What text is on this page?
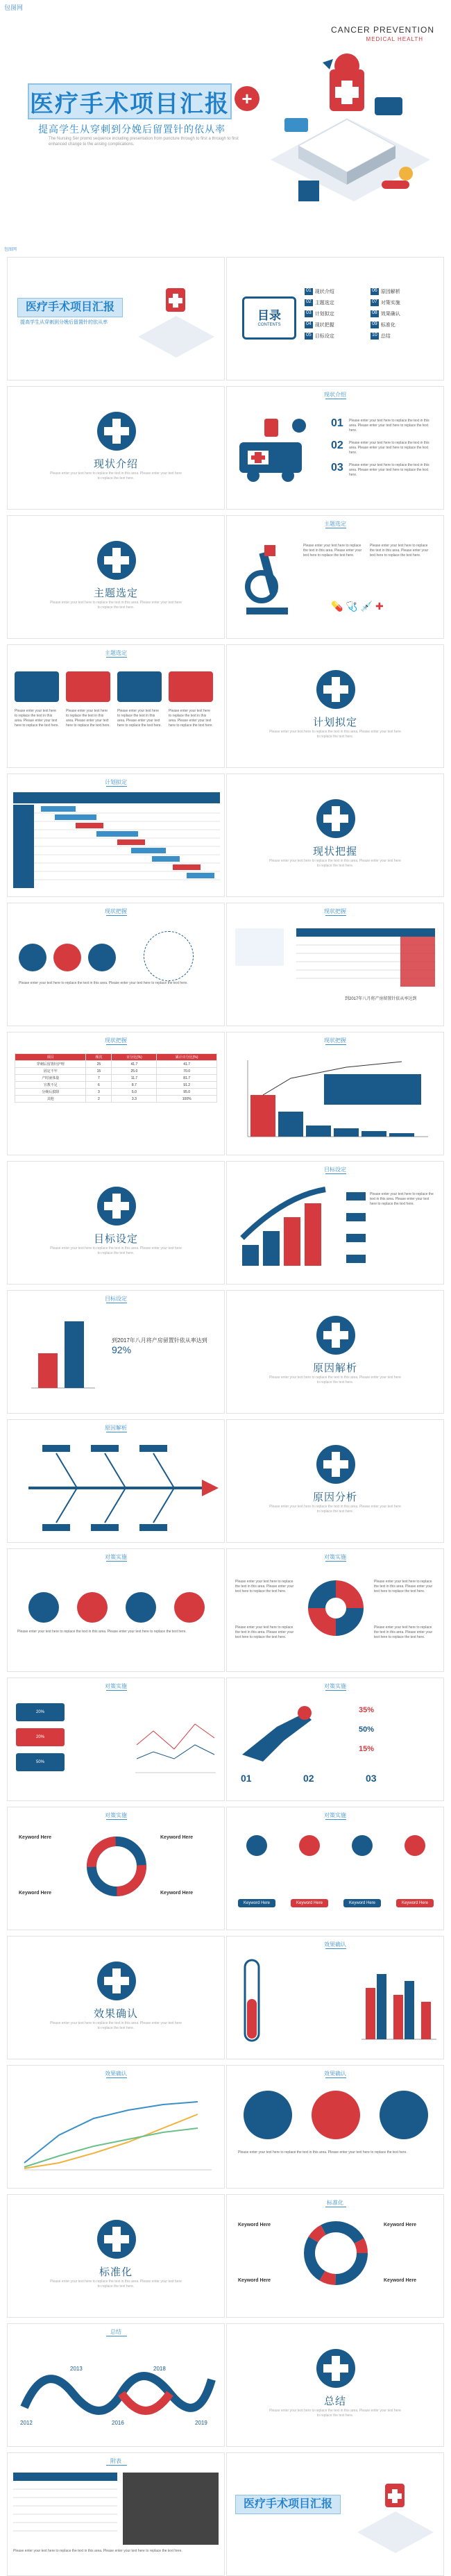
包图网
CANCER PREVENTION
MEDICAL HEALTH
医疗手术项目汇报 +
提高学生从穿刺到分娩后留置针的依从率
The Nursing Ser promo sequence including presentation from puncture through to first a through to first enhanced change to the arising complications.
包图网
医疗手术项目汇报
提高学生从穿刺到分娩后留置针的依从率
目录
CONTENTS
01 现状介绍	06 原因解析
02 主题选定	07 对策实施
03 计划拟定	08 效果确认
04 现状把握	09 标准化
05 目标设定	10 总结
现状介绍
Please enter your text here to replace the text in this area. Please enter your text here to replace the text here.
现状介绍
01
02
03
Please enter your text here to replace the text in this area. Please enter your text here to replace the text here.
Please enter your text here to replace the text in this area. Please enter your text here to replace the text here.
Please enter your text here to replace the text in this area. Please enter your text here to replace the text here.
主题选定
Please enter your text here to replace the text in this area. Please enter your text here to replace the text here.
主题选定
Please enter your text here to replace the text in this area. Please enter your text here to replace the text here.
Please enter your text here to replace the text in this area. Please enter your text here to replace the text here.
💊 🩺 💉 ✚
主题选定
Please enter your text here to replace the text in this area. Please enter your text here to replace the text here.
Please enter your text here to replace the text in this area. Please enter your text here to replace the text here.
Please enter your text here to replace the text in this area. Please enter your text here to replace the text here.
Please enter your text here to replace the text in this area. Please enter your text here to replace the text here.	计划拟定
Please enter your text here to replace the text in this area. Please enter your text here to replace the text here.
计划拟定
现状把握
Please enter your text here to replace the text in this area. Please enter your text here to replace the text here.
现状把握
Please enter your text here to replace the text in this area. Please enter your text here to replace the text here.
现状把握
到2017年八月将产房留置针依从率达到
现状把握
项目	频次	百分比(%)	累计百分比(%)
穿刺后留置针护理	25	41.7	41.7
固定不牢	15	25.0	70.0
产时液体量	7	11.7	81.7
宣教不足	6	8.7	91.2
分娩后拔除	3	5.0	95.0
其他	2	3.3	100%
现状把握
目标设定
Please enter your text here to replace the text in this area. Please enter your text here to replace the text here.
目标设定
Please enter your text here to replace the text in this area. Please enter your text here to replace the text here.
目标设定
到2017年八月将产房留置针依从率达到92%
原因解析
Please enter your text here to replace the text in this area. Please enter your text here to replace the text here.
原因解析
原因分析
Please enter your text here to replace the text in this area. Please enter your text here to replace the text here.
对策实施
Please enter your text here to replace the text in this area. Please enter your text here to replace the text here.
对策实施
Please enter your text here to replace the text in this area. Please enter your text here to replace the text here.
Please enter your text here to replace the text in this area. Please enter your text here to replace the text here.
Please enter your text here to replace the text in this area. Please enter your text here to replace the text here.
Please enter your text here to replace the text in this area. Please enter your text here to replace the text here.
对策实施
20%
20%
50%
对策实施
35%
50%
15%
01	02	03
对策实施
Keyword Here	Keyword Here
Keyword Here	Keyword Here
对策实施
Keyword Here	Keyword Here	Keyword Here	Keyword Here
效果确认
Please enter your text here to replace the text in this area. Please enter your text here to replace the text here.
效果确认
效果确认	效果确认
Please enter your text here to replace the text in this area. Please enter your text here to replace the text here.
标准化
Please enter your text here to replace the text in this area. Please enter your text here to replace the text here.
标准化
Keyword Here	Keyword Here
Keyword Here	Keyword Here
总结
2012
2013
2016
2018
2019
总结
Please enter your text here to replace the text in this area. Please enter your text here to replace the text here.
附表
Please enter your text here to replace the text in this area. Please enter your text here to replace the text here.
医疗手术项目汇报
